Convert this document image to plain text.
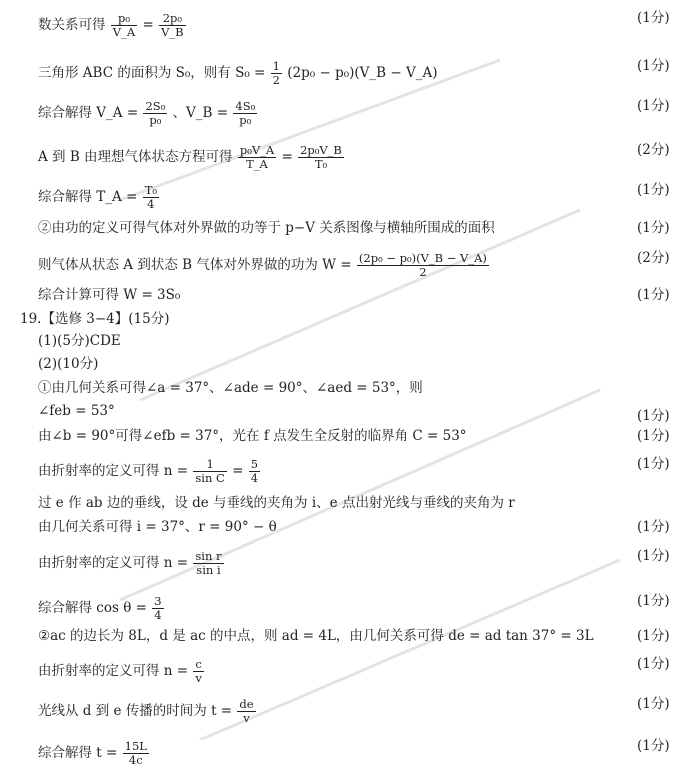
数关系可得 $\frac{\text{p₀}}{V\_A} = \frac{\text{2p₀}}{V\_B}$	(1分)
三角形 ABC 的面积为 S₀，则有 $S_0 = \frac{1}{2} (2p_0$ − p₀)(V_B − V_A)	(1分)
综合解得 V_A = $\frac{\text{2S₀}}{\text{p₀}}$ 、V_B = $\frac{\text{4S₀}}{\text{p₀}}$	(1分)
A 到 B 由理想气体状态方程可得 $\frac{\text{p₀V\_A}}{T\_A} = \frac{\text{2p₀V\_B}}{\text{T₀}}$	(2分)
综合解得 T_A = $\frac{\text{T₀}}{4}$	(1分)
②由功的定义可得气体对外界做的功等于 p−V 关系图像与横轴所围成的面积	(1分)
则气体从状态 A 到状态 B 气体对外界做的功为 $W = \frac{\text{(2p₀ − p₀)(V\_B − V\_A)}}{2}$	(2分)
综合计算可得 W = 3S₀	(1分)
19.【选修 3−4】(15分)
(1)(5分)CDE
(2)(10分)
①由几何关系可得∠a = 37°、∠ade = 90°、∠aed = 53°，则
∠feb = 53°	(1分)
由∠b = 90°可得∠efb = 37°，光在 f 点发生全反射的临界角 C = 53°	(1分)
由折射率的定义可得 $n = \frac{1}{\text{sin C}} = \frac{5}{4}$	(1分)
过 e 作 ab 边的垂线，设 de 与垂线的夹角为 i、e 点出射光线与垂线的夹角为 r
由几何关系可得 i = 37°、r = 90° − θ	(1分)
由折射率的定义可得 $n = \frac{\text{sin r}}{\text{sin i}}$	(1分)
综合解得 $\cos \theta = \frac{3}{4}$	(1分)
②ac 的边长为 8L，d 是 ac 的中点，则 ad = 4L，由几何关系可得 de = ad tan 37° = 3L	(1分)
由折射率的定义可得 $n = \frac{c}{v}$	(1分)
光线从 d 到 e 传播的时间为 $t = \frac{de}{v}$	(1分)
综合解得 $t = \frac{15L}{4c}$	(1分)
